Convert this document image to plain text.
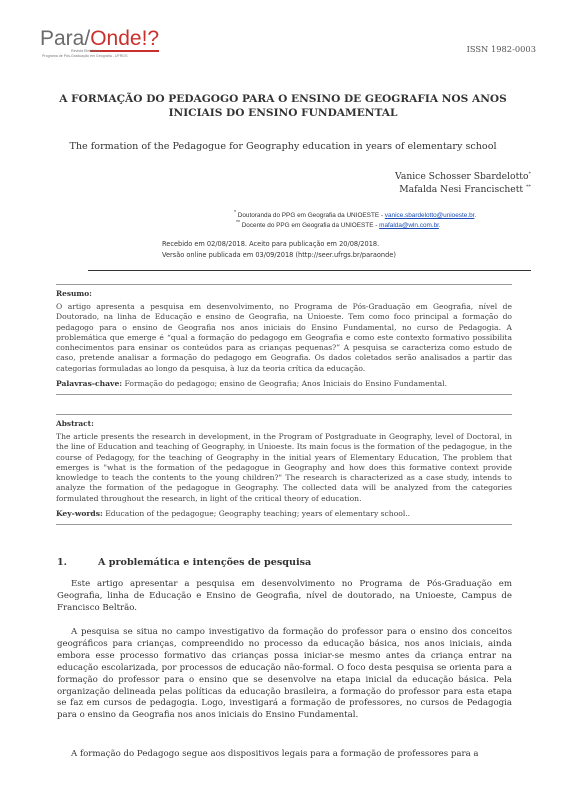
Para/Onde!?
Revista Eletrônica
Programa de Pós-Graduação em Geografia - UFRGS
ISSN 1982-0003
A FORMAÇÃO DO PEDAGOGO PARA O ENSINO DE GEOGRAFIA NOS ANOS
INICIAIS DO ENSINO FUNDAMENTAL
The formation of the Pedagogue for Geography education in years of elementary school
Vanice Schosser Sbardelotto*
Mafalda Nesi Francischett **
* Doutoranda do PPG em Geografia da UNIOESTE - vanice.sbardelotto@unioeste.br.
** Docente do PPG em Geografia da UNIOESTE - mafalda@wln.com.br.
Recebido em 02/08/2018. Aceito para publicação em 20/08/2018.
Versão online publicada em 03/09/2018 (http://seer.ufrgs.br/paraonde)

Resumo:

O artigo apresenta a pesquisa em desenvolvimento, no Programa de Pós-Graduação em Geografia, nível de Doutorado, na linha de Educação e ensino de Geografia, na Unioeste. Tem como foco principal a formação do pedagogo para o ensino de Geografia nos anos iniciais do Ensino Fundamental, no curso de Pedagogia. A problemática que emerge é “qual a formação do pedagogo em Geografia e como este contexto formativo possibilita conhecimentos para ensinar os conteúdos para as crianças pequenas?” A pesquisa se caracteriza como estudo de caso, pretende analisar a formação do pedagogo em Geografia. Os dados coletados serão analisados a partir das categorias formuladas ao longo da pesquisa, à luz da teoria crítica da educação.

Palavras-chave: Formação do pedagogo; ensino de Geografia; Anos Iniciais do Ensino Fundamental.

Abstract:

The article presents the research in development, in the Program of Postgraduate in Geography, level of Doctoral, in the line of Education and teaching of Geography, in Unioeste. Its main focus is the formation of the pedagogue, in the course of Pedagogy, for the teaching of Geography in the initial years of Elementary Education, The problem that emerges is "what is the formation of the pedagogue in Geography and how does this formative context provide knowledge to teach the contents to the young children?" The research is characterized as a case study, intends to analyze the formation of the pedagogue in Geography. The collected data will be analyzed from the categories formulated throughout the research, in light of the critical theory of education.

Key-words: Education of the pedagogue; Geography teaching; years of elementary school..

1.	A problemática e intenções de pesquisa

Este artigo apresentar a pesquisa em desenvolvimento no Programa de Pós-Graduação em Geografia, linha de Educação e Ensino de Geografia, nível de doutorado, na Unioeste, Campus de Francisco Beltrão.

A pesquisa se situa no campo investigativo da formação do professor para o ensino dos conceitos geográficos para crianças, compreendido no processo da educação básica, nos anos iniciais, ainda embora esse processo formativo das crianças possa iniciar-se mesmo antes da criança entrar na educação escolarizada, por processos de educação não-formal. O foco desta pesquisa se orienta para a formação do professor para o ensino que se desenvolve na etapa inicial da educação básica. Pela organização delineada pelas políticas da educação brasileira, a formação do professor para esta etapa se faz em cursos de pedagogia. Logo, investigará a formação de professores, no cursos de Pedagogia para o ensino da Geografia nos anos iniciais do Ensino Fundamental.

A formação do Pedagogo segue aos dispositivos legais para a formação de professores para a
